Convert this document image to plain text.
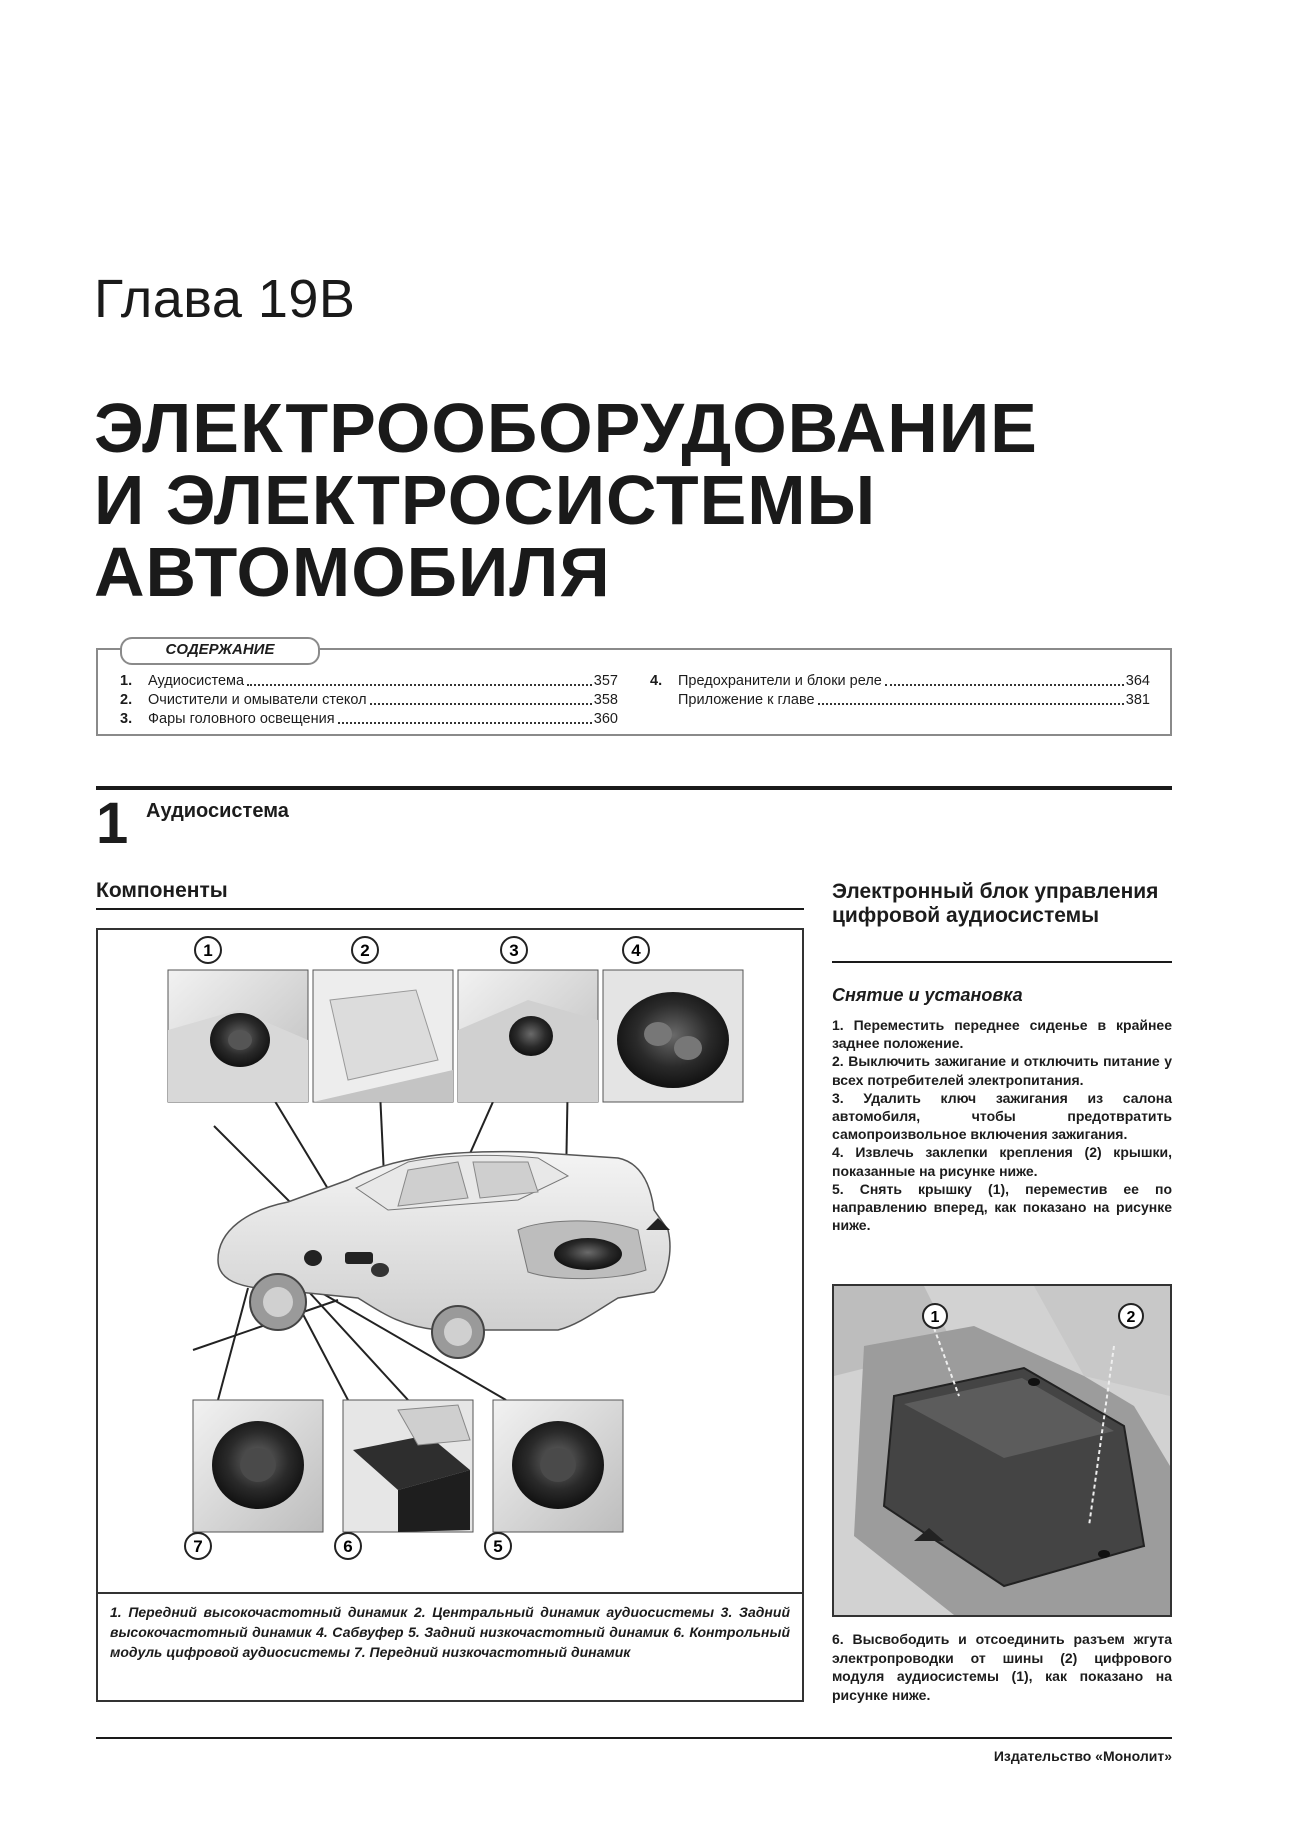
Глава 19В
ЭЛЕКТРООБОРУДОВАНИЕ
И ЭЛЕКТРОСИСТЕМЫ
АВТОМОБИЛЯ
СОДЕРЖАНИЕ
1.	Аудиосистема	357
2.	Очистители и омыватели стекол	358
3.	Фары головного освещения	360
4.	Предохранители и блоки реле	364
Приложение к главе	381
1 Аудиосистема
Компоненты
1	2	3	4
7	6	5
1. Передний высокочастотный динамик 2. Центральный динамик аудиосистемы 3. Задний высокочастотный динамик 4. Сабвуфер 5. Задний низкочастотный динамик 6. Контрольный модуль цифровой аудиосистемы 7. Передний низкочастотный динамик
Электронный блок управления цифровой аудиосистемы
Снятие и установка

1. Переместить переднее сиденье в крайнее заднее положение.

2. Выключить зажигание и отключить питание у всех потребителей электропитания.

3. Удалить ключ зажигания из салона автомобиля, чтобы предотвратить самопроизвольное включения зажигания.

4. Извлечь заклепки крепления (2) крышки, показанные на рисунке ниже.

5. Снять крышку (1), переместив ее по направлению вперед, как показано на рисунке ниже.

1	2

6. Высвободить и отсоединить разъем жгута электропроводки от шины (2) цифрового модуля аудиосистемы (1), как показано на рисунке ниже.

Издательство «Монолит»
